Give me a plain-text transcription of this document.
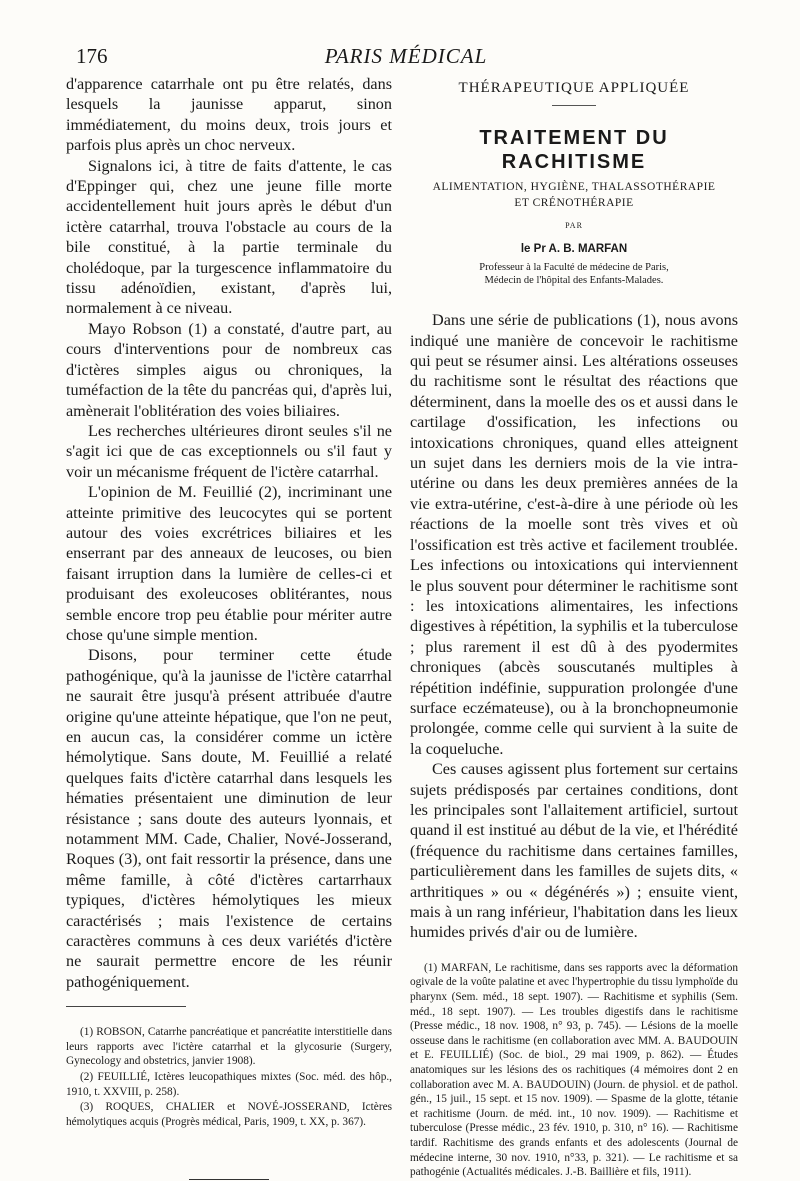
176	PARIS MÉDICAL

d'apparence catarrhale ont pu être relatés, dans lesquels la jaunisse apparut, sinon immédiatement, du moins deux, trois jours et parfois plus après un choc nerveux.

Signalons ici, à titre de faits d'attente, le cas d'Eppinger qui, chez une jeune fille morte accidentellement huit jours après le début d'un ictère catarrhal, trouva l'obstacle au cours de la bile constitué, à la partie terminale du cholédoque, par la turgescence inflammatoire du tissu adénoïdien, existant, d'après lui, normalement à ce niveau.

Mayo Robson (1) a constaté, d'autre part, au cours d'interventions pour de nombreux cas d'ictères simples aigus ou chroniques, la tuméfaction de la tête du pancréas qui, d'après lui, amènerait l'oblitération des voies biliaires.

Les recherches ultérieures diront seules s'il ne s'agit ici que de cas exceptionnels ou s'il faut y voir un mécanisme fréquent de l'ictère catarrhal.

L'opinion de M. Feuillié (2), incriminant une atteinte primitive des leucocytes qui se portent autour des voies excrétrices biliaires et les enserrant par des anneaux de leucoses, ou bien faisant irruption dans la lumière de celles-ci et produisant des exoleucoses oblitérantes, nous semble encore trop peu établie pour mériter autre chose qu'une simple mention.

Disons, pour terminer cette étude pathogénique, qu'à la jaunisse de l'ictère catarrhal ne saurait être jusqu'à présent attribuée d'autre origine qu'une atteinte hépatique, que l'on ne peut, en aucun cas, la considérer comme un ictère hémolytique. Sans doute, M. Feuillié a relaté quelques faits d'ictère catarrhal dans lesquels les hématies présentaient une diminution de leur résistance ; sans doute des auteurs lyonnais, et notamment MM. Cade, Chalier, Nové-Josserand, Roques (3), ont fait ressortir la présence, dans une même famille, à côté d'ictères cartarrhaux typiques, d'ictères hémolytiques les mieux caractérisés ; mais l'existence de certains caractères communs à ces deux variétés d'ictère ne saurait permettre encore de les réunir pathogéniquement.

(1) ROBSON, Catarrhe pancréatique et pancréatite interstitielle dans leurs rapports avec l'ictère catarrhal et la glycosurie (Surgery, Gynecology and obstetrics, janvier 1908).

(2) FEUILLIÉ, Ictères leucopathiques mixtes (Soc. méd. des hôp., 1910, t. XXVIII, p. 258).

(3) ROQUES, CHALIER et NOVÉ-JOSSERAND, Ictères hémolytiques acquis (Progrès médical, Paris, 1909, t. XX, p. 367).

THÉRAPEUTIQUE APPLIQUÉE
TRAITEMENT DU
RACHITISME
ALIMENTATION, HYGIÈNE, THALASSOTHÉRAPIE
ET CRÉNOTHÉRAPIE
PAR
le Pr A. B. MARFAN
Professeur à la Faculté de médecine de Paris,
Médecin de l'hôpital des Enfants-Malades.

Dans une série de publications (1), nous avons indiqué une manière de concevoir le rachitisme qui peut se résumer ainsi. Les altérations osseuses du rachitisme sont le résultat des réactions que déterminent, dans la moelle des os et aussi dans le cartilage d'ossification, les infections ou intoxications chroniques, quand elles atteignent un sujet dans les derniers mois de la vie intra-utérine ou dans les deux premières années de la vie extra-utérine, c'est-à-dire à une période où les réactions de la moelle sont très vives et où l'ossification est très active et facilement troublée. Les infections ou intoxications qui interviennent le plus souvent pour déterminer le rachitisme sont : les intoxications alimentaires, les infections digestives à répétition, la syphilis et la tuberculose ; plus rarement il est dû à des pyodermites chroniques (abcès souscutanés multiples à répétition indéfinie, suppuration prolongée d'une surface eczémateuse), ou à la bronchopneumonie prolongée, comme celle qui survient à la suite de la coqueluche.

Ces causes agissent plus fortement sur certains sujets prédisposés par certaines conditions, dont les principales sont l'allaitement artificiel, surtout quand il est institué au début de la vie, et l'hérédité (fréquence du rachitisme dans certaines familles, particulièrement dans les familles de sujets dits, « arthritiques » ou « dégénérés ») ; ensuite vient, mais à un rang inférieur, l'habitation dans les lieux humides privés d'air ou de lumière.

(1) MARFAN, Le rachitisme, dans ses rapports avec la déformation ogivale de la voûte palatine et avec l'hypertrophie du tissu lymphoïde du pharynx (Sem. méd., 18 sept. 1907). — Rachitisme et syphilis (Sem. méd., 18 sept. 1907). — Les troubles digestifs dans le rachitisme (Presse médic., 18 nov. 1908, n° 93, p. 745). — Lésions de la moelle osseuse dans le rachitisme (en collaboration avec MM. A. BAUDOUIN et E. FEUILLIÉ) (Soc. de biol., 29 mai 1909, p. 862). — Études anatomiques sur les lésions des os rachitiques (4 mémoires dont 2 en collaboration avec M. A. BAUDOUIN) (Journ. de physiol. et de pathol. gén., 15 juil., 15 sept. et 15 nov. 1909). — Spasme de la glotte, tétanie et rachitisme (Journ. de méd. int., 10 nov. 1909). — Rachitisme et tuberculose (Presse médic., 23 fév. 1910, p. 310, n° 16). — Rachitisme tardif. Rachitisme des grands enfants et des adolescents (Journal de médecine interne, 30 nov. 1910, n°33, p. 321). — Le rachitisme et sa pathogénie (Actualités médicales. J.-B. Baillière et fils, 1911).
